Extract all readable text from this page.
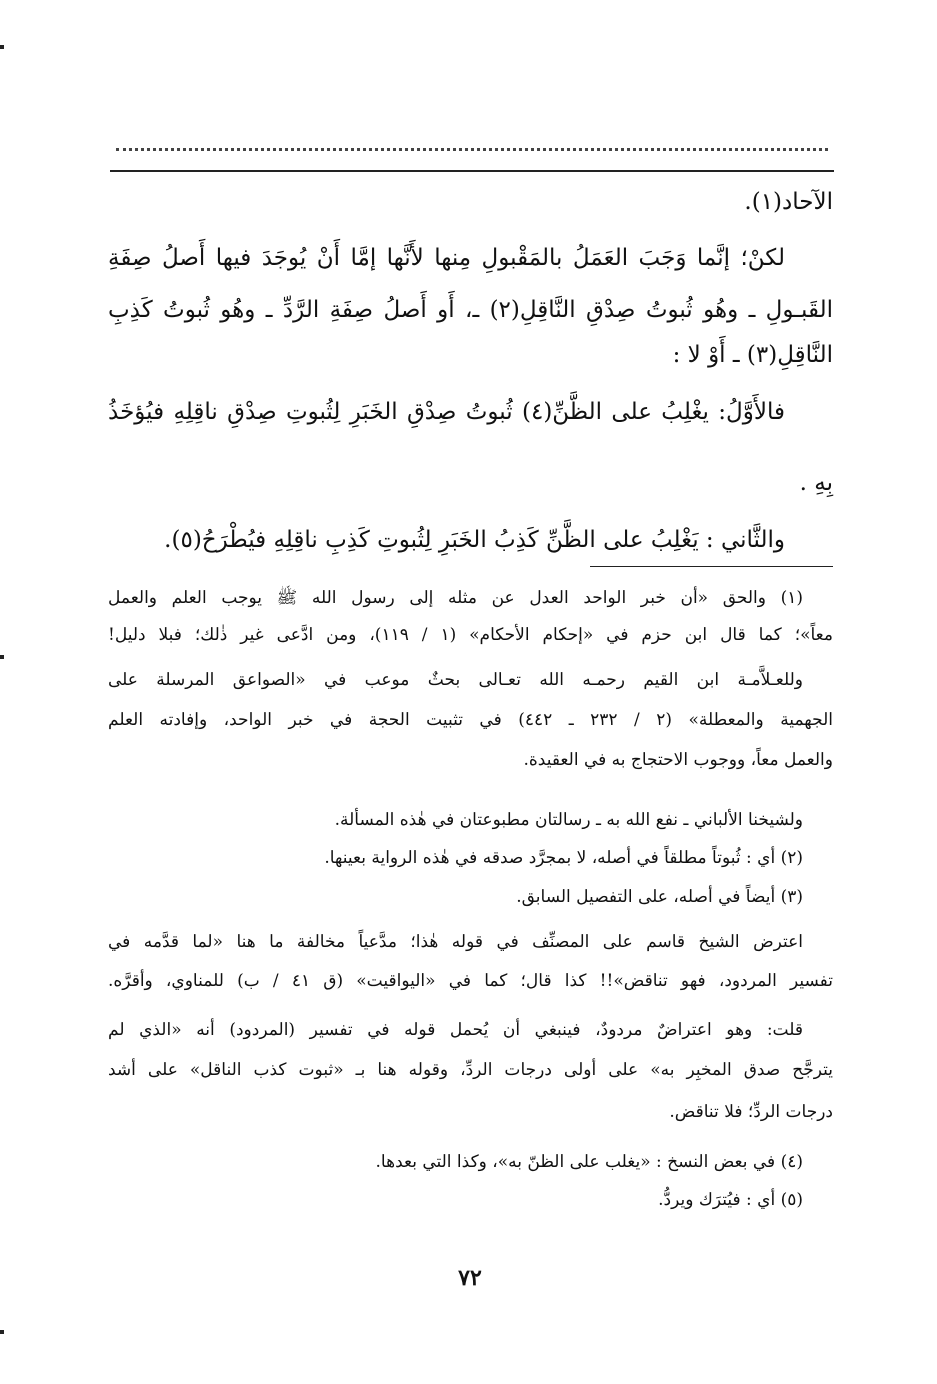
الآحاد(١).
لكنْ؛ إنَّما وَجَبَ العَمَلُ بالمَقْبولِ مِنها لأَنَّها إمَّا أَنْ يُوجَدَ فيها أَصلُ صِفَةِ
القَبـولِ ـ وهُو ثُبوتُ صِدْقِ النَّاقِلِ(٢) ـ، أَو أَصلُ صِفَةِ الرَّدِّ ـ وهُو ثُبوتُ كَذِبِ
النَّاقِلِ(٣) ـ أَوْ لا :
فالأَوَّلُ: يغْلِبُ على الظَّنِّ(٤) ثُبوتُ صِدْقِ الخَبَرِ لِثُبوتِ صِدْقِ ناقِلِهِ فيُؤخَذُ
بِهِ .
والثَّاني : يَغْلِبُ على الظَّنِّ كَذِبُ الخَبَرِ لِثُبوتِ كَذِبِ ناقِلِهِ فيُطْرَحُ(٥).
(١) والحق «أن خبر الواحد العدل عن مثله إلى رسول الله ﷺ يوجب العلم والعمل
معاً»؛ كما قال ابن حزم في «إحكام الأحكام» (١ / ١١٩)، ومن ادَّعى غير ذٰلك؛ فبلا دليل!
وللعـلاَّمـة ابن القيم رحمـه الله تعـالى بحثٌ موعب في «الصواعق المرسلة على
الجهمية والمعطلة» (٢ / ٢٣٢ ـ ٤٤٢) في تثبيت الحجة في خبر الواحد، وإفادته العلم
والعمل معاً، ووجوب الاحتجاج به في العقيدة.
ولشيخنا الألباني ـ نفع الله به ـ رسالتان مطبوعتان في هٰذه المسألة.
(٢) أي : ثُبوتاً مطلقاً في أصله، لا بمجرَّد صدقه في هٰذه الرواية بعينها.
(٣) أيضاً في أصله، على التفصيل السابق.
اعترض الشيخ قاسم على المصنِّف في قوله هٰذا؛ مدَّعياً مخالفة ما هنا «لما قدَّمه في
تفسير المردود، فهو تناقض»!! كذا قال؛ كما في «اليواقيت» (ق ٤١ / ب) للمناوي، وأقرَّه.
قلت: وهو اعتراضٌ مردودٌ، فينبغي أن يُحمل قوله في تفسير (المردود) أنه «الذي لم
يترجَّح صدق المخبِر به» على أولى درجات الردِّ، وقوله هنا بـ «ثبوت كذب الناقل» على أشد
درجات الردِّ؛ فلا تناقض.
(٤) في بعض النسخ : «يغلب على الظنّ به»، وكذا التي بعدها.
(٥) أي : فيُترَك ويردُّ.
٧٢
